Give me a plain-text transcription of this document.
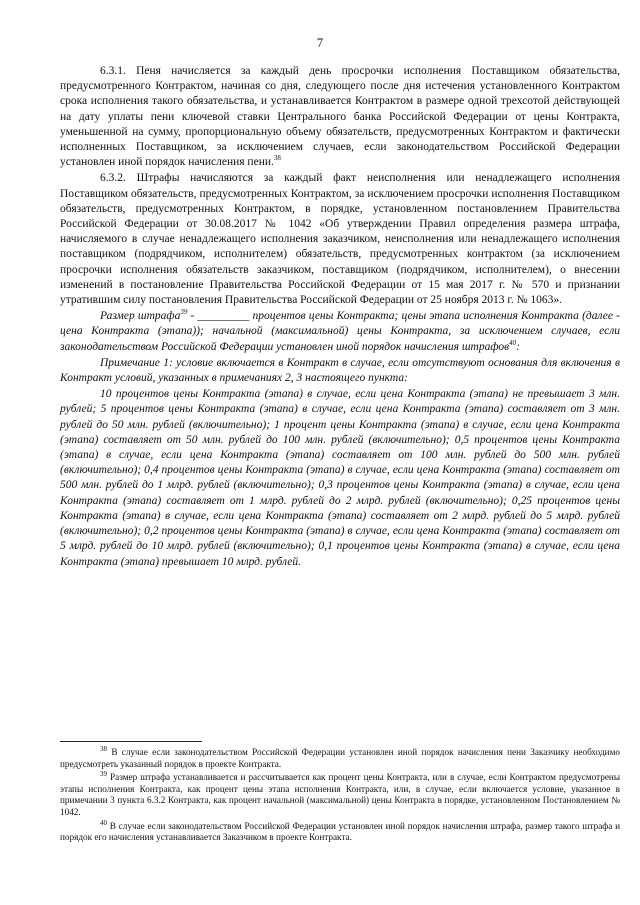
7

6.3.1. Пеня начисляется за каждый день просрочки исполнения Поставщиком обязательства, предусмотренного Контрактом, начиная со дня, следующего после дня истечения установленного Контрактом срока исполнения такого обязательства, и устанавливается Контрактом в размере одной трехсотой действующей на дату уплаты пени ключевой ставки Центрального банка Российской Федерации от цены Контракта, уменьшенной на сумму, пропорциональную объему обязательств, предусмотренных Контрактом и фактически исполненных Поставщиком, за исключением случаев, если законодательством Российской Федерации установлен иной порядок начисления пени.$^{38}$

6.3.2. Штрафы начисляются за каждый факт неисполнения или ненадлежащего исполнения Поставщиком обязательств, предусмотренных Контрактом, за исключением просрочки исполнения Поставщиком обязательств, предусмотренных Контрактом, в порядке, установленном постановлением Правительства Российской Федерации от 30.08.2017 № 1042 «Об утверждении Правил определения размера штрафа, начисляемого в случае ненадлежащего исполнения заказчиком, неисполнения или ненадлежащего исполнения поставщиком (подрядчиком, исполнителем) обязательств, предусмотренных контрактом (за исключением просрочки исполнения обязательств заказчиком, поставщиком (подрядчиком, исполнителем), о внесении изменений в постановление Правительства Российской Федерации от 15 мая 2017 г. № 570 и признании утратившим силу постановления Правительства Российской Федерации от 25 ноября 2013 г. № 1063».

Размер штрафа$^{39}$ - _________ процентов цены Контракта; цены этапа исполнения Контракта (далее - цена Контракта (этапа)); начальной (максимальной) цены Контракта, за исключением случаев, если законодательством Российской Федерации установлен иной порядок начисления штрафов$^{40}$:

Примечание 1: условие включается в Контракт в случае, если отсутствуют основания для включения в Контракт условий, указанных в примечаниях 2, 3 настоящего пункта:

10 процентов цены Контракта (этапа) в случае, если цена Контракта (этапа) не превышает 3 млн. рублей; 5 процентов цены Контракта (этапа) в случае, если цена Контракта (этапа) составляет от 3 млн. рублей до 50 млн. рублей (включительно); 1 процент цены Контракта (этапа) в случае, если цена Контракта (этапа) составляет от 50 млн. рублей до 100 млн. рублей (включительно); 0,5 процентов цены Контракта (этапа) в случае, если цена Контракта (этапа) составляет от 100 млн. рублей до 500 млн. рублей (включительно); 0,4 процентов цены Контракта (этапа) в случае, если цена Контракта (этапа) составляет от 500 млн. рублей до 1 млрд. рублей (включительно); 0,3 процентов цены Контракта (этапа) в случае, если цена Контракта (этапа) составляет от 1 млрд. рублей до 2 млрд. рублей (включительно); 0,25 процентов цены Контракта (этапа) в случае, если цена Контракта (этапа) составляет от 2 млрд. рублей до 5 млрд. рублей (включительно); 0,2 процентов цены Контракта (этапа) в случае, если цена Контракта (этапа) составляет от 5 млрд. рублей до 10 млрд. рублей (включительно); 0,1 процентов цены Контракта (этапа) в случае, если цена Контракта (этапа) превышает 10 млрд. рублей.

$^{38}$ В случае если законодательством Российской Федерации установлен иной порядок начисления пени Заказчику необходимо предусмотреть указанный порядок в проекте Контракта.

$^{39}$ Размер штрафа устанавливается и рассчитывается как процент цены Контракта, или в случае, если Контрактом предусмотрены этапы исполнения Контракта, как процент цены этапа исполнения Контракта, или, в случае, если включается условие, указанное в примечании 3 пункта 6.3.2 Контракта, как процент начальной (максимальной) цены Контракта в порядке, установленном Постановлением № 1042.

$^{40}$ В случае если законодательством Российской Федерации установлен иной порядок начисления штрафа, размер такого штрафа и порядок его начисления устанавливается Заказчиком в проекте Контракта.
